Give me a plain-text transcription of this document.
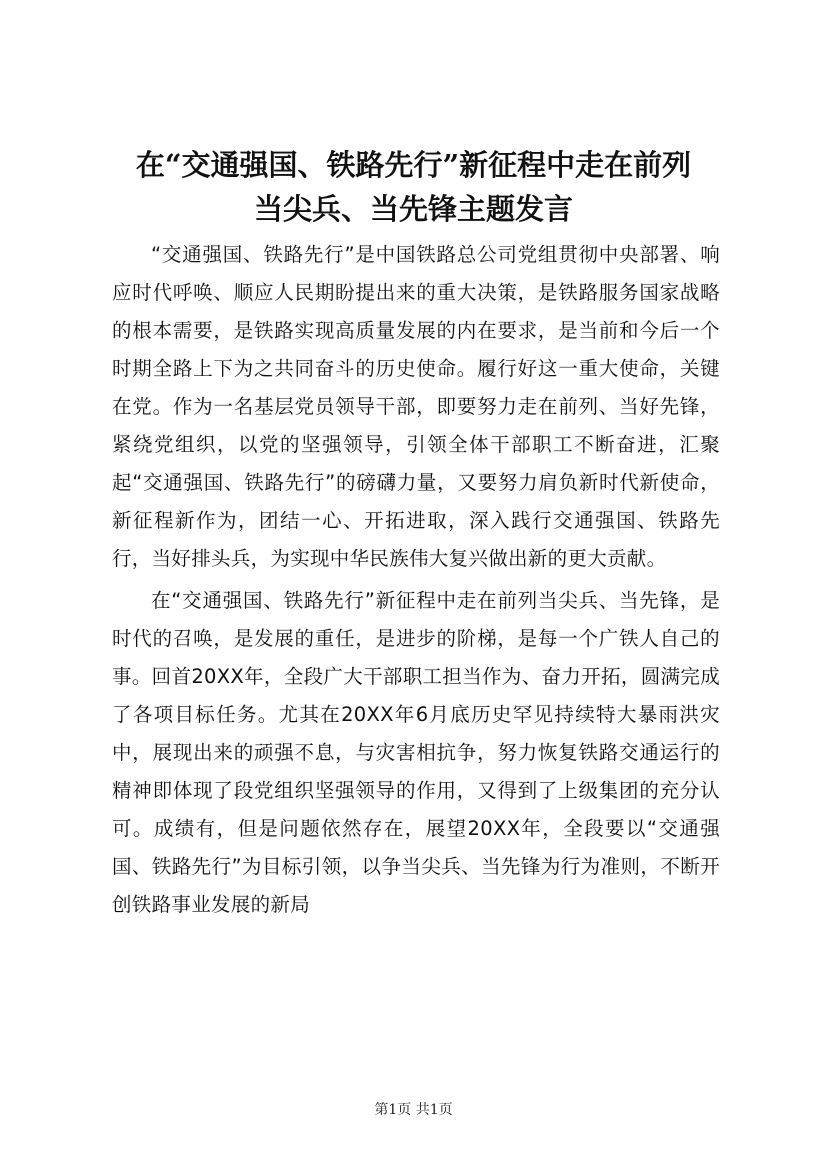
在“交通强国、铁路先行”新征程中走在前列
当尖兵、当先锋主题发言

“交通强国、铁路先行”是中国铁路总公司党组贯彻中央部署、响应时代呼唤、顺应人民期盼提出来的重大决策，是铁路服务国家战略的根本需要，是铁路实现高质量发展的内在要求，是当前和今后一个时期全路上下为之共同奋斗的历史使命。履行好这一重大使命，关键在党。作为一名基层党员领导干部，即要努力走在前列、当好先锋，紧绕党组织，以党的坚强领导，引领全体干部职工不断奋进，汇聚起“交通强国、铁路先行”的磅礴力量，又要努力肩负新时代新使命，新征程新作为，团结一心、开拓进取，深入践行交通强国、铁路先行，当好排头兵，为实现中华民族伟大复兴做出新的更大贡献。

在“交通强国、铁路先行”新征程中走在前列当尖兵、当先锋，是时代的召唤，是发展的重任，是进步的阶梯，是每一个广铁人自己的事。回首20XX年，全段广大干部职工担当作为、奋力开拓，圆满完成了各项目标任务。尤其在20XX年6月底历史罕见持续特大暴雨洪灾中，展现出来的顽强不息，与灾害相抗争，努力恢复铁路交通运行的精神即体现了段党组织坚强领导的作用，又得到了上级集团的充分认可。成绩有，但是问题依然存在，展望20XX年，全段要以“交通强国、铁路先行”为目标引领，以争当尖兵、当先锋为行为准则，不断开创铁路事业发展的新局

第1页 共1页
